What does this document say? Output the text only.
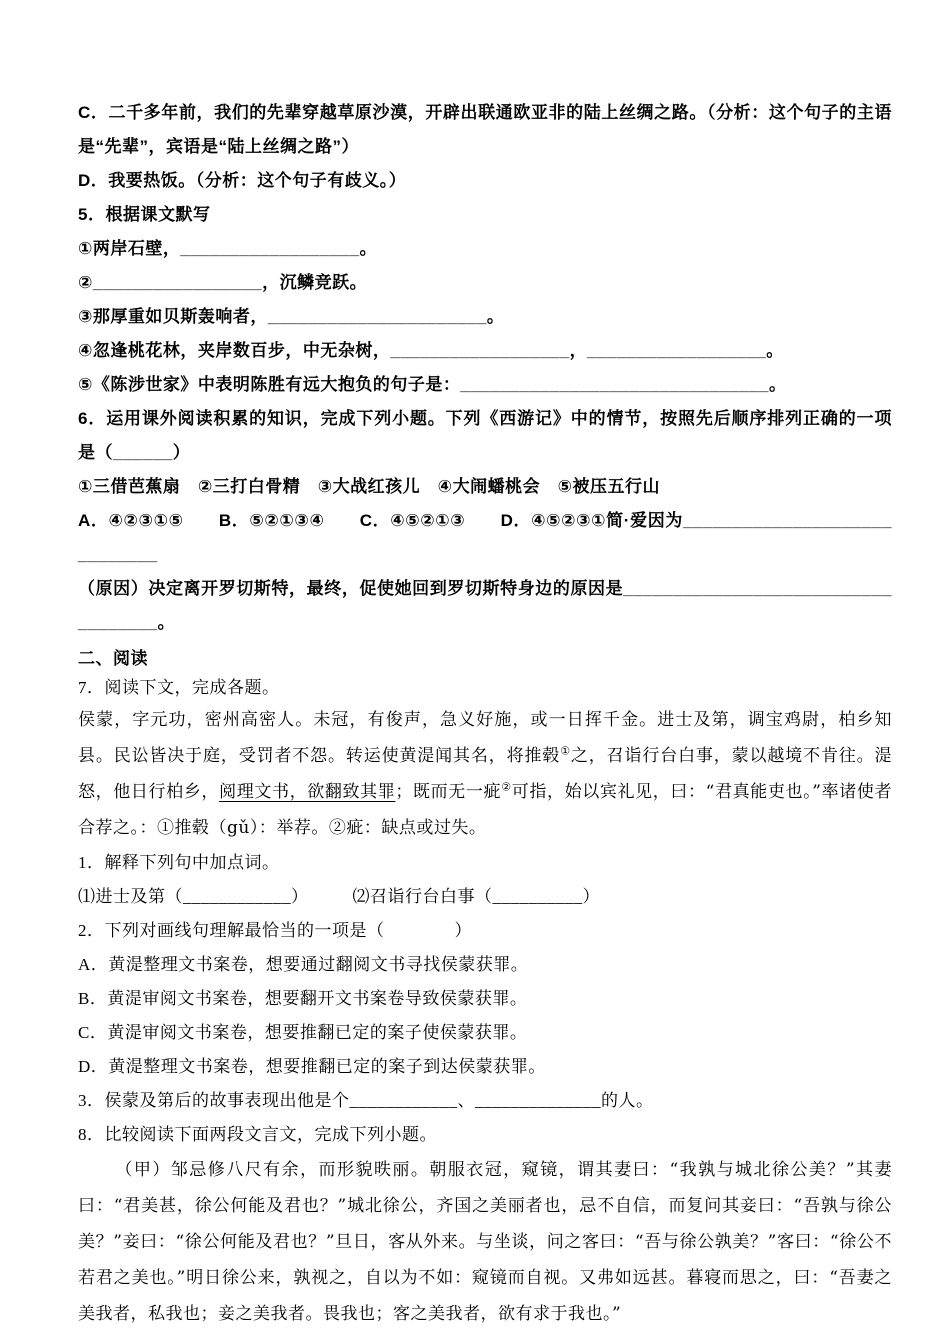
C．二千多年前，我们的先辈穿越草原沙漠，开辟出联通欧亚非的陆上丝绸之路。（分析：这个句子的主语是“先辈”，宾语是“陆上丝绸之路”）

D．我要热饭。（分析：这个句子有歧义。）

5．根据课文默写

①两岸石壁，__________________。

②_________________，沉鳞竞跃。

③那厚重如贝斯轰响者，______________________。

④忽逢桃花林，夹岸数百步，中无杂树，__________________，__________________。

⑤《陈涉世家》中表明陈胜有远大抱负的句子是：_______________________________。

6．运用课外阅读积累的知识，完成下列小题。下列《西游记》中的情节，按照先后顺序排列正确的一项是（______）

①三借芭蕉扇　②三打白骨精　③大战红孩儿　④大闹蟠桃会　⑤被压五行山

A．④②③①⑤　　B．⑤②①③④　　C．④⑤②①③　　D．④⑤②③①简·爱因为_____________________________

（原因）决定离开罗切斯特，最终，促使她回到罗切斯特身边的原因是___________________________________。

二、阅读

7．阅读下文，完成各题。

侯蒙，字元功，密州高密人。未冠，有俊声，急义好施，或一日挥千金。进士及第，调宝鸡尉，柏乡知县。民讼皆决于庭，受罚者不怨。转运使黄湜闻其名，将推毂①之，召诣行台白事，蒙以越境不肯往。湜怒，他日行柏乡，阅理文书，欲翻致其罪；既而无一疵②可指，始以宾礼见，曰：“君真能吏也。”率诸使者合荐之。：①推毂（gǔ）：举荐。②疵：缺点或过失。

1．解释下列句中加点词。

⑴进士及第（____________）　　　⑵召诣行台白事（__________）

2．下列对画线句理解最恰当的一项是（　　　　）

A．黄湜整理文书案卷，想要通过翻阅文书寻找侯蒙获罪。

B．黄湜审阅文书案卷，想要翻开文书案卷导致侯蒙获罪。

C．黄湜审阅文书案卷，想要推翻已定的案子使侯蒙获罪。

D．黄湜整理文书案卷，想要推翻已定的案子到达侯蒙获罪。

3．侯蒙及第后的故事表现出他是个____________、______________的人。

8．比较阅读下面两段文言文，完成下列小题。

（甲）邹忌修八尺有余，而形貌昳丽。朝服衣冠，窥镜，谓其妻曰：“我孰与城北徐公美？”其妻曰：“君美甚，徐公何能及君也？”城北徐公，齐国之美丽者也，忌不自信，而复问其妾曰：“吾孰与徐公美？”妾曰：“徐公何能及君也？”旦日，客从外来。与坐谈，问之客曰：“吾与徐公孰美？”客曰：“徐公不若君之美也。”明日徐公来，孰视之，自以为不如：窥镜而自视。又弗如远甚。暮寝而思之，曰：“吾妻之美我者，私我也；妾之美我者。畏我也；客之美我者，欲有求于我也。”
